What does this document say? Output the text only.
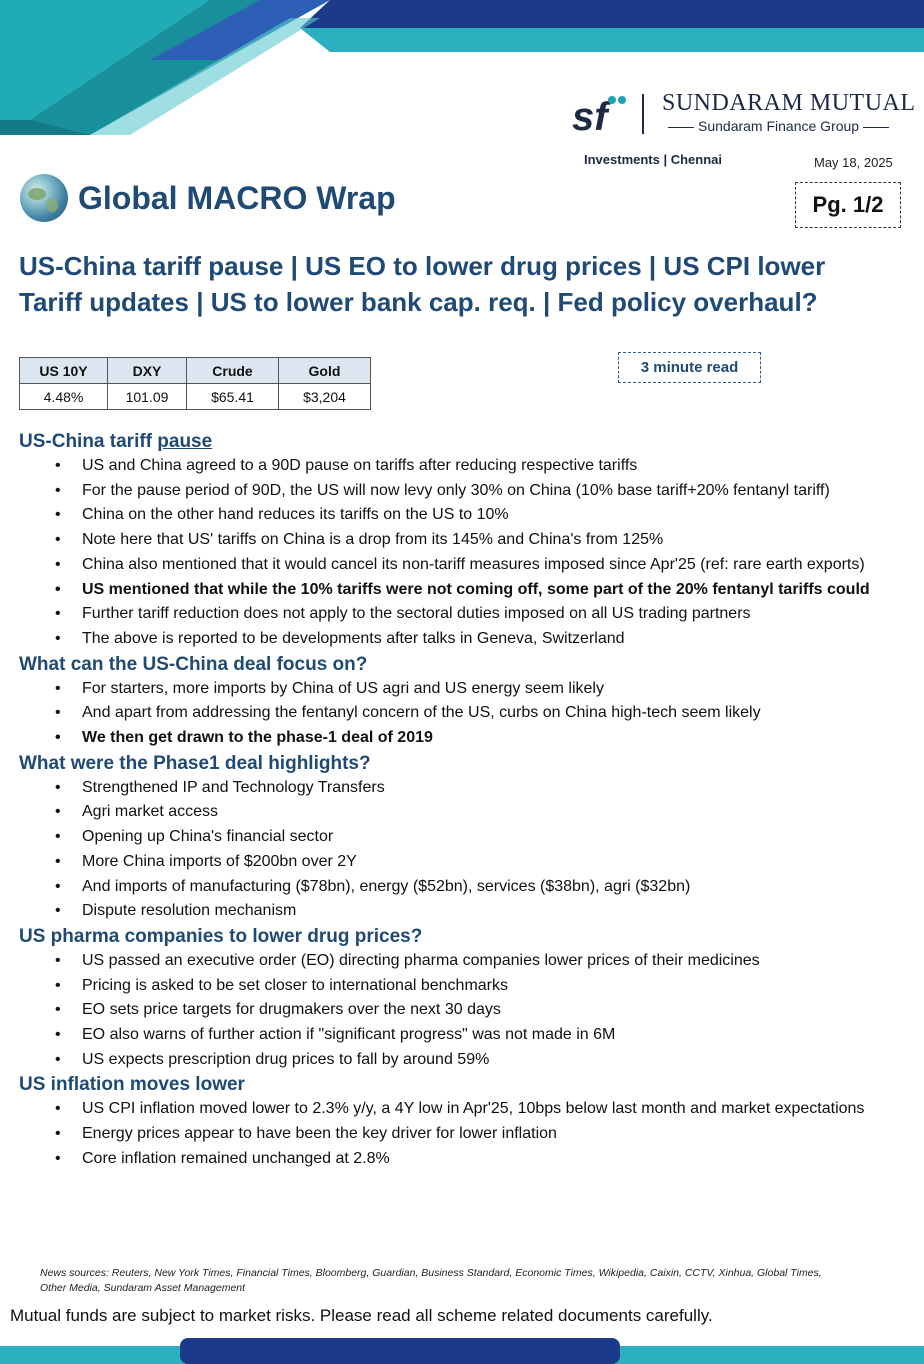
sf SUNDARAM MUTUAL
Sundaram Finance Group
Investments | Chennai	May 18, 2025
Global MACRO Wrap	Pg. 1/2
US-China tariff pause | US EO to lower drug prices | US CPI lower
Tariff updates | US to lower bank cap. req. | Fed policy overhaul?
US 10Y	DXY	Crude	Gold
4.48%	101.09	$65.41	$3,204
3 minute read
US-China tariff pause
• US and China agreed to a 90D pause on tariffs after reducing respective tariffs
• For the pause period of 90D, the US will now levy only 30% on China (10% base tariff+20% fentanyl tariff)
• China on the other hand reduces its tariffs on the US to 10%
• Note here that US' tariffs on China is a drop from its 145% and China's from 125%
• China also mentioned that it would cancel its non-tariff measures imposed since Apr'25 (ref: rare earth exports)
• US mentioned that while the 10% tariffs were not coming off, some part of the 20% fentanyl tariffs could
• Further tariff reduction does not apply to the sectoral duties imposed on all US trading partners
• The above is reported to be developments after talks in Geneva, Switzerland
What can the US-China deal focus on?
• For starters, more imports by China of US agri and US energy seem likely
• And apart from addressing the fentanyl concern of the US, curbs on China high-tech seem likely
• We then get drawn to the phase-1 deal of 2019
What were the Phase1 deal highlights?
• Strengthened IP and Technology Transfers
• Agri market access
• Opening up China's financial sector
• More China imports of $200bn over 2Y
• And imports of manufacturing ($78bn), energy ($52bn), services ($38bn), agri ($32bn)
• Dispute resolution mechanism
US pharma companies to lower drug prices?
• US passed an executive order (EO) directing pharma companies lower prices of their medicines
• Pricing is asked to be set closer to international benchmarks
• EO sets price targets for drugmakers over the next 30 days
• EO also warns of further action if "significant progress" was not made in 6M
• US expects prescription drug prices to fall by around 59%
US inflation moves lower
• US CPI inflation moved lower to 2.3% y/y, a 4Y low in Apr'25, 10bps below last month and market expectations
• Energy prices appear to have been the key driver for lower inflation
• Core inflation remained unchanged at 2.8%
News sources: Reuters, New York Times, Financial Times, Bloomberg, Guardian, Business Standard, Economic Times, Wikipedia, Caixin, CCTV, Xinhua, Global Times, Other Media, Sundaram Asset Management
Mutual funds are subject to market risks. Please read all scheme related documents carefully.
